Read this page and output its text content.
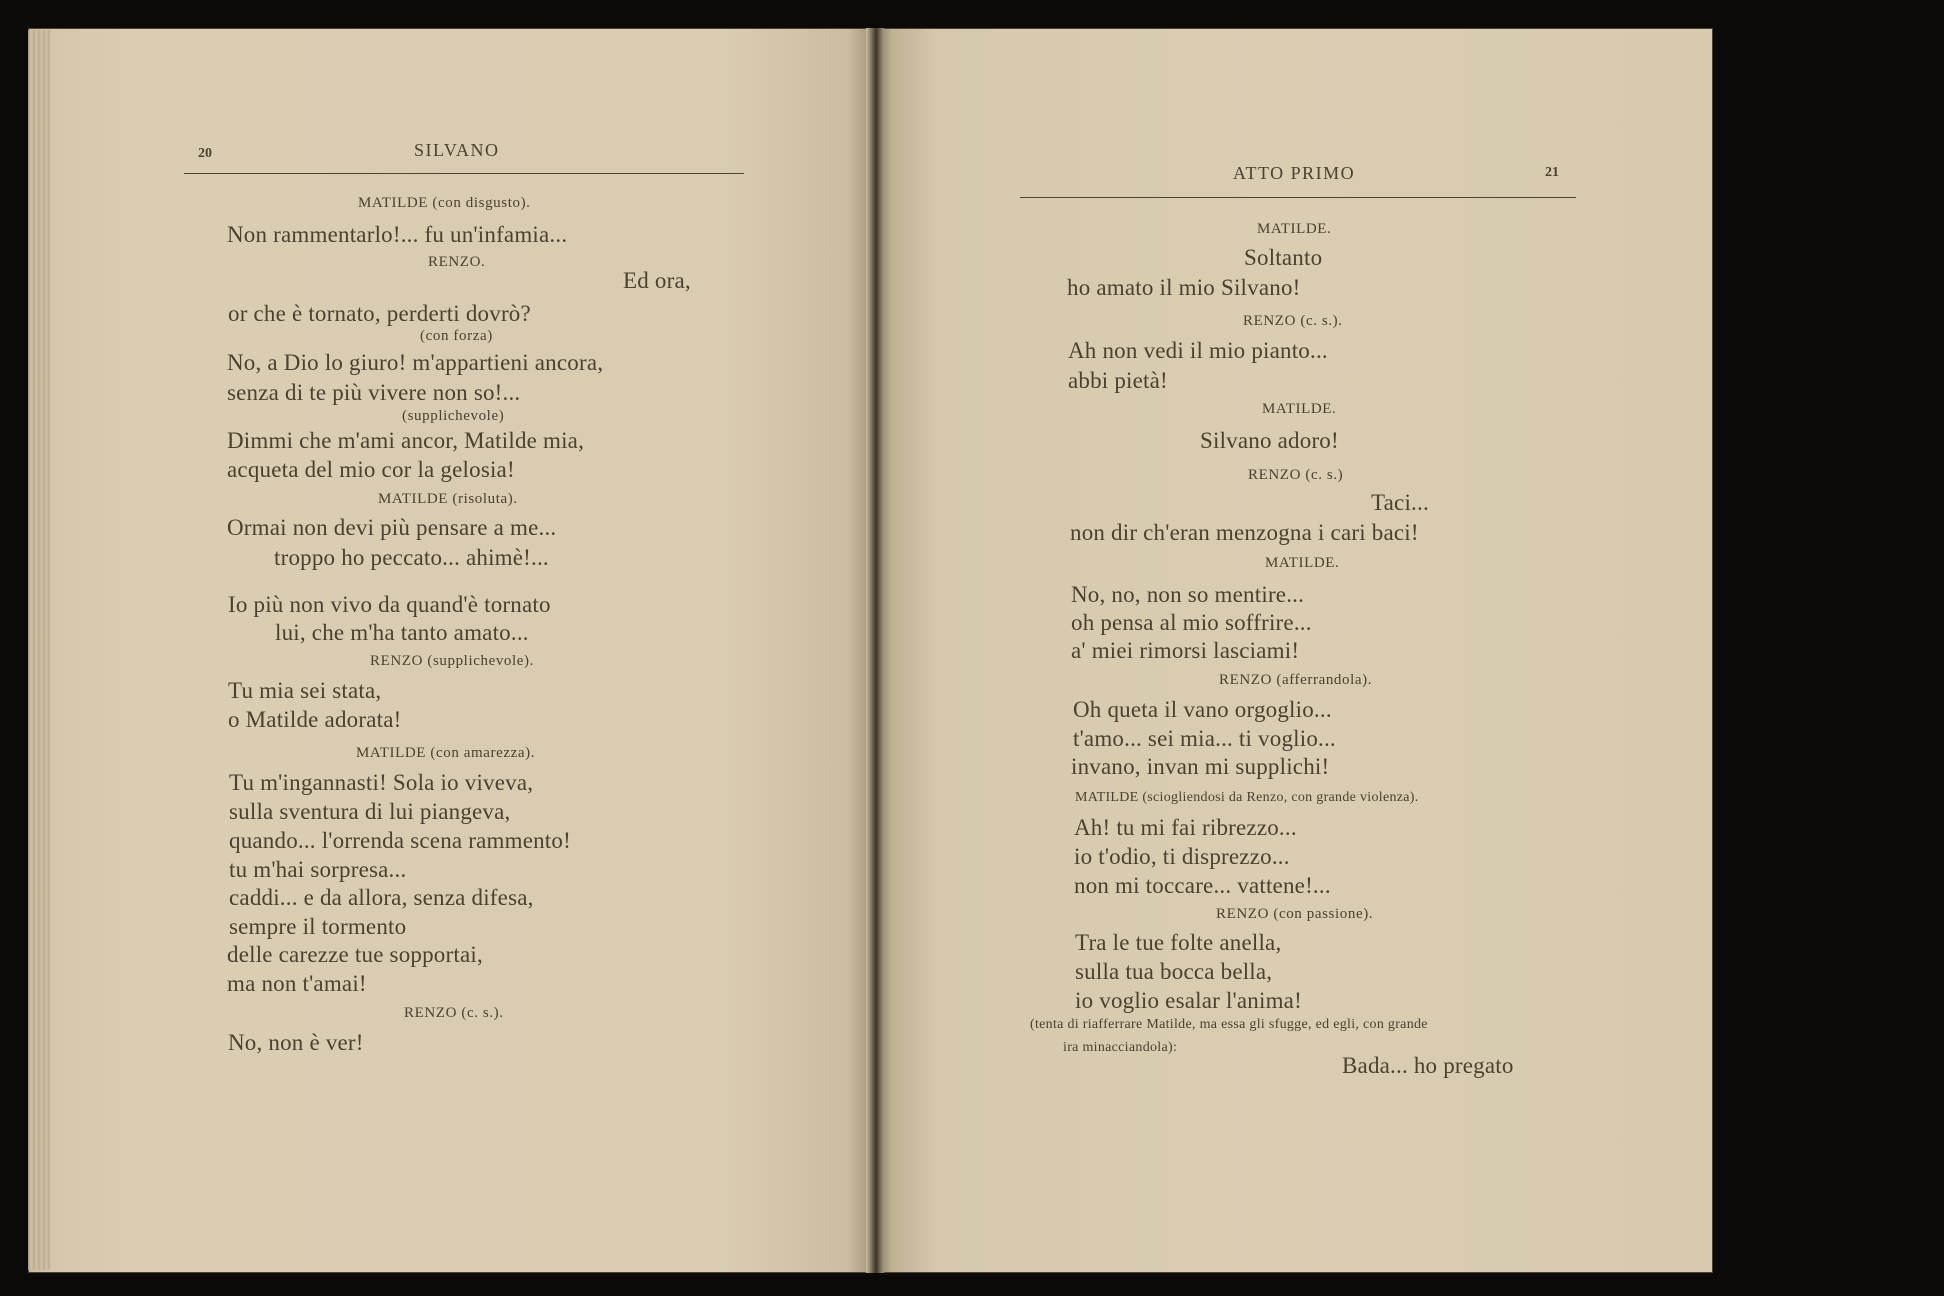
20	SILVANO
MATILDE (con disgusto).
Non rammentarlo!... fu un'infamia...
RENZO.
Ed ora,
or che è tornato, perderti dovrò?
(con forza)
No, a Dio lo giuro! m'appartieni ancora,
senza di te più vivere non so!...
(supplichevole)
Dimmi che m'ami ancor, Matilde mia,
acqueta del mio cor la gelosia!
MATILDE (risoluta).
Ormai non devi più pensare a me...
troppo ho peccato... ahimè!...
Io più non vivo da quand'è tornato
lui, che m'ha tanto amato...
RENZO (supplichevole).
Tu mia sei stata,
o Matilde adorata!
MATILDE (con amarezza).
Tu m'ingannasti! Sola io viveva,
sulla sventura di lui piangeva,
quando... l'orrenda scena rammento!
tu m'hai sorpresa...
caddi... e da allora, senza difesa,
sempre il tormento
delle carezze tue sopportai,
ma non t'amai!
RENZO (c. s.).
No, non è ver!
ATTO PRIMO	21
MATILDE.
Soltanto
ho amato il mio Silvano!
RENZO (c. s.).
Ah non vedi il mio pianto...
abbi pietà!
MATILDE.
Silvano adoro!
RENZO (c. s.)
Taci...
non dir ch'eran menzogna i cari baci!
MATILDE.
No, no, non so mentire...
oh pensa al mio soffrire...
a' miei rimorsi lasciami!
RENZO (afferrandola).
Oh queta il vano orgoglio...
t'amo... sei mia... ti voglio...
invano, invan mi supplichi!
MATILDE (sciogliendosi da Renzo, con grande violenza).
Ah! tu mi fai ribrezzo...
io t'odio, ti disprezzo...
non mi toccare... vattene!...
RENZO (con passione).
Tra le tue folte anella,
sulla tua bocca bella,
io voglio esalar l'anima!
(tenta di riafferrare Matilde, ma essa gli sfugge, ed egli, con grande
ira minacciandola):
Bada... ho pregato
